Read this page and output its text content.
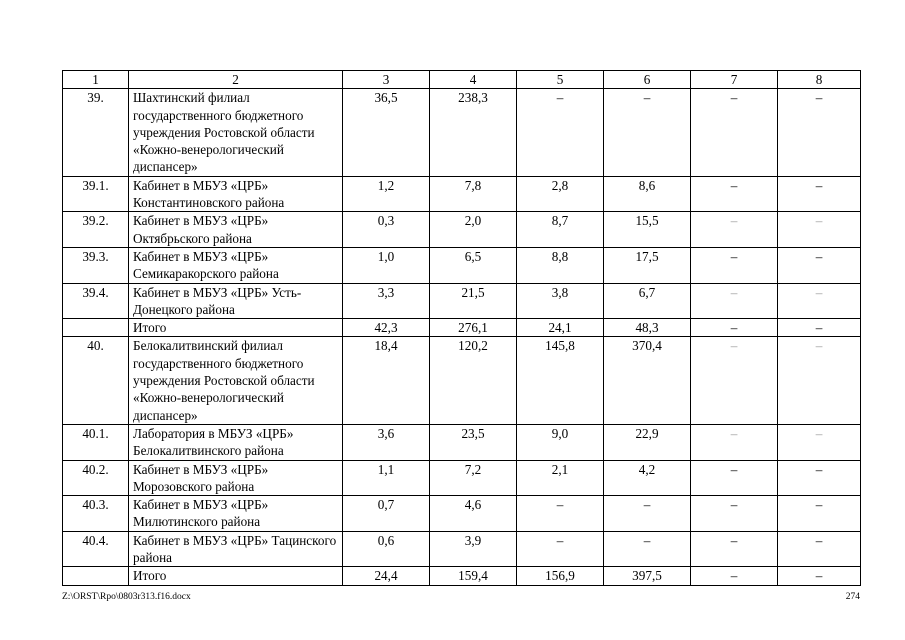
1	2	3	4	5	6	7	8
39.	Шахтинский филиал государственного бюджетного учреждения Ростовской области «Кожно-венерологический диспансер»	36,5	238,3	–	–	–	–
39.1.	Кабинет в МБУЗ «ЦРБ» Константиновского района	1,2	7,8	2,8	8,6	–	–
39.2.	Кабинет в МБУЗ «ЦРБ» Октябрьского района	0,3	2,0	8,7	15,5	–	–
39.3.	Кабинет в МБУЗ «ЦРБ» Семикаракорского района	1,0	6,5	8,8	17,5	–	–
39.4.	Кабинет в МБУЗ «ЦРБ» Усть-Донецкого района	3,3	21,5	3,8	6,7	–	–
	Итого	42,3	276,1	24,1	48,3	–	–
40.	Белокалитвинский филиал государственного бюджетного учреждения Ростовской области «Кожно-венерологический диспансер»	18,4	120,2	145,8	370,4	–	–
40.1.	Лаборатория в МБУЗ «ЦРБ» Белокалитвинского района	3,6	23,5	9,0	22,9	–	–
40.2.	Кабинет в МБУЗ «ЦРБ» Морозовского района	1,1	7,2	2,1	4,2	–	–
40.3.	Кабинет в МБУЗ «ЦРБ» Милютинского района	0,7	4,6	–	–	–	–
40.4.	Кабинет в МБУЗ «ЦРБ» Тацинского района	0,6	3,9	–	–	–	–
	Итого	24,4	159,4	156,9	397,5	–	–
Z:\ORST\Rpo\0803r313.f16.docx	274
